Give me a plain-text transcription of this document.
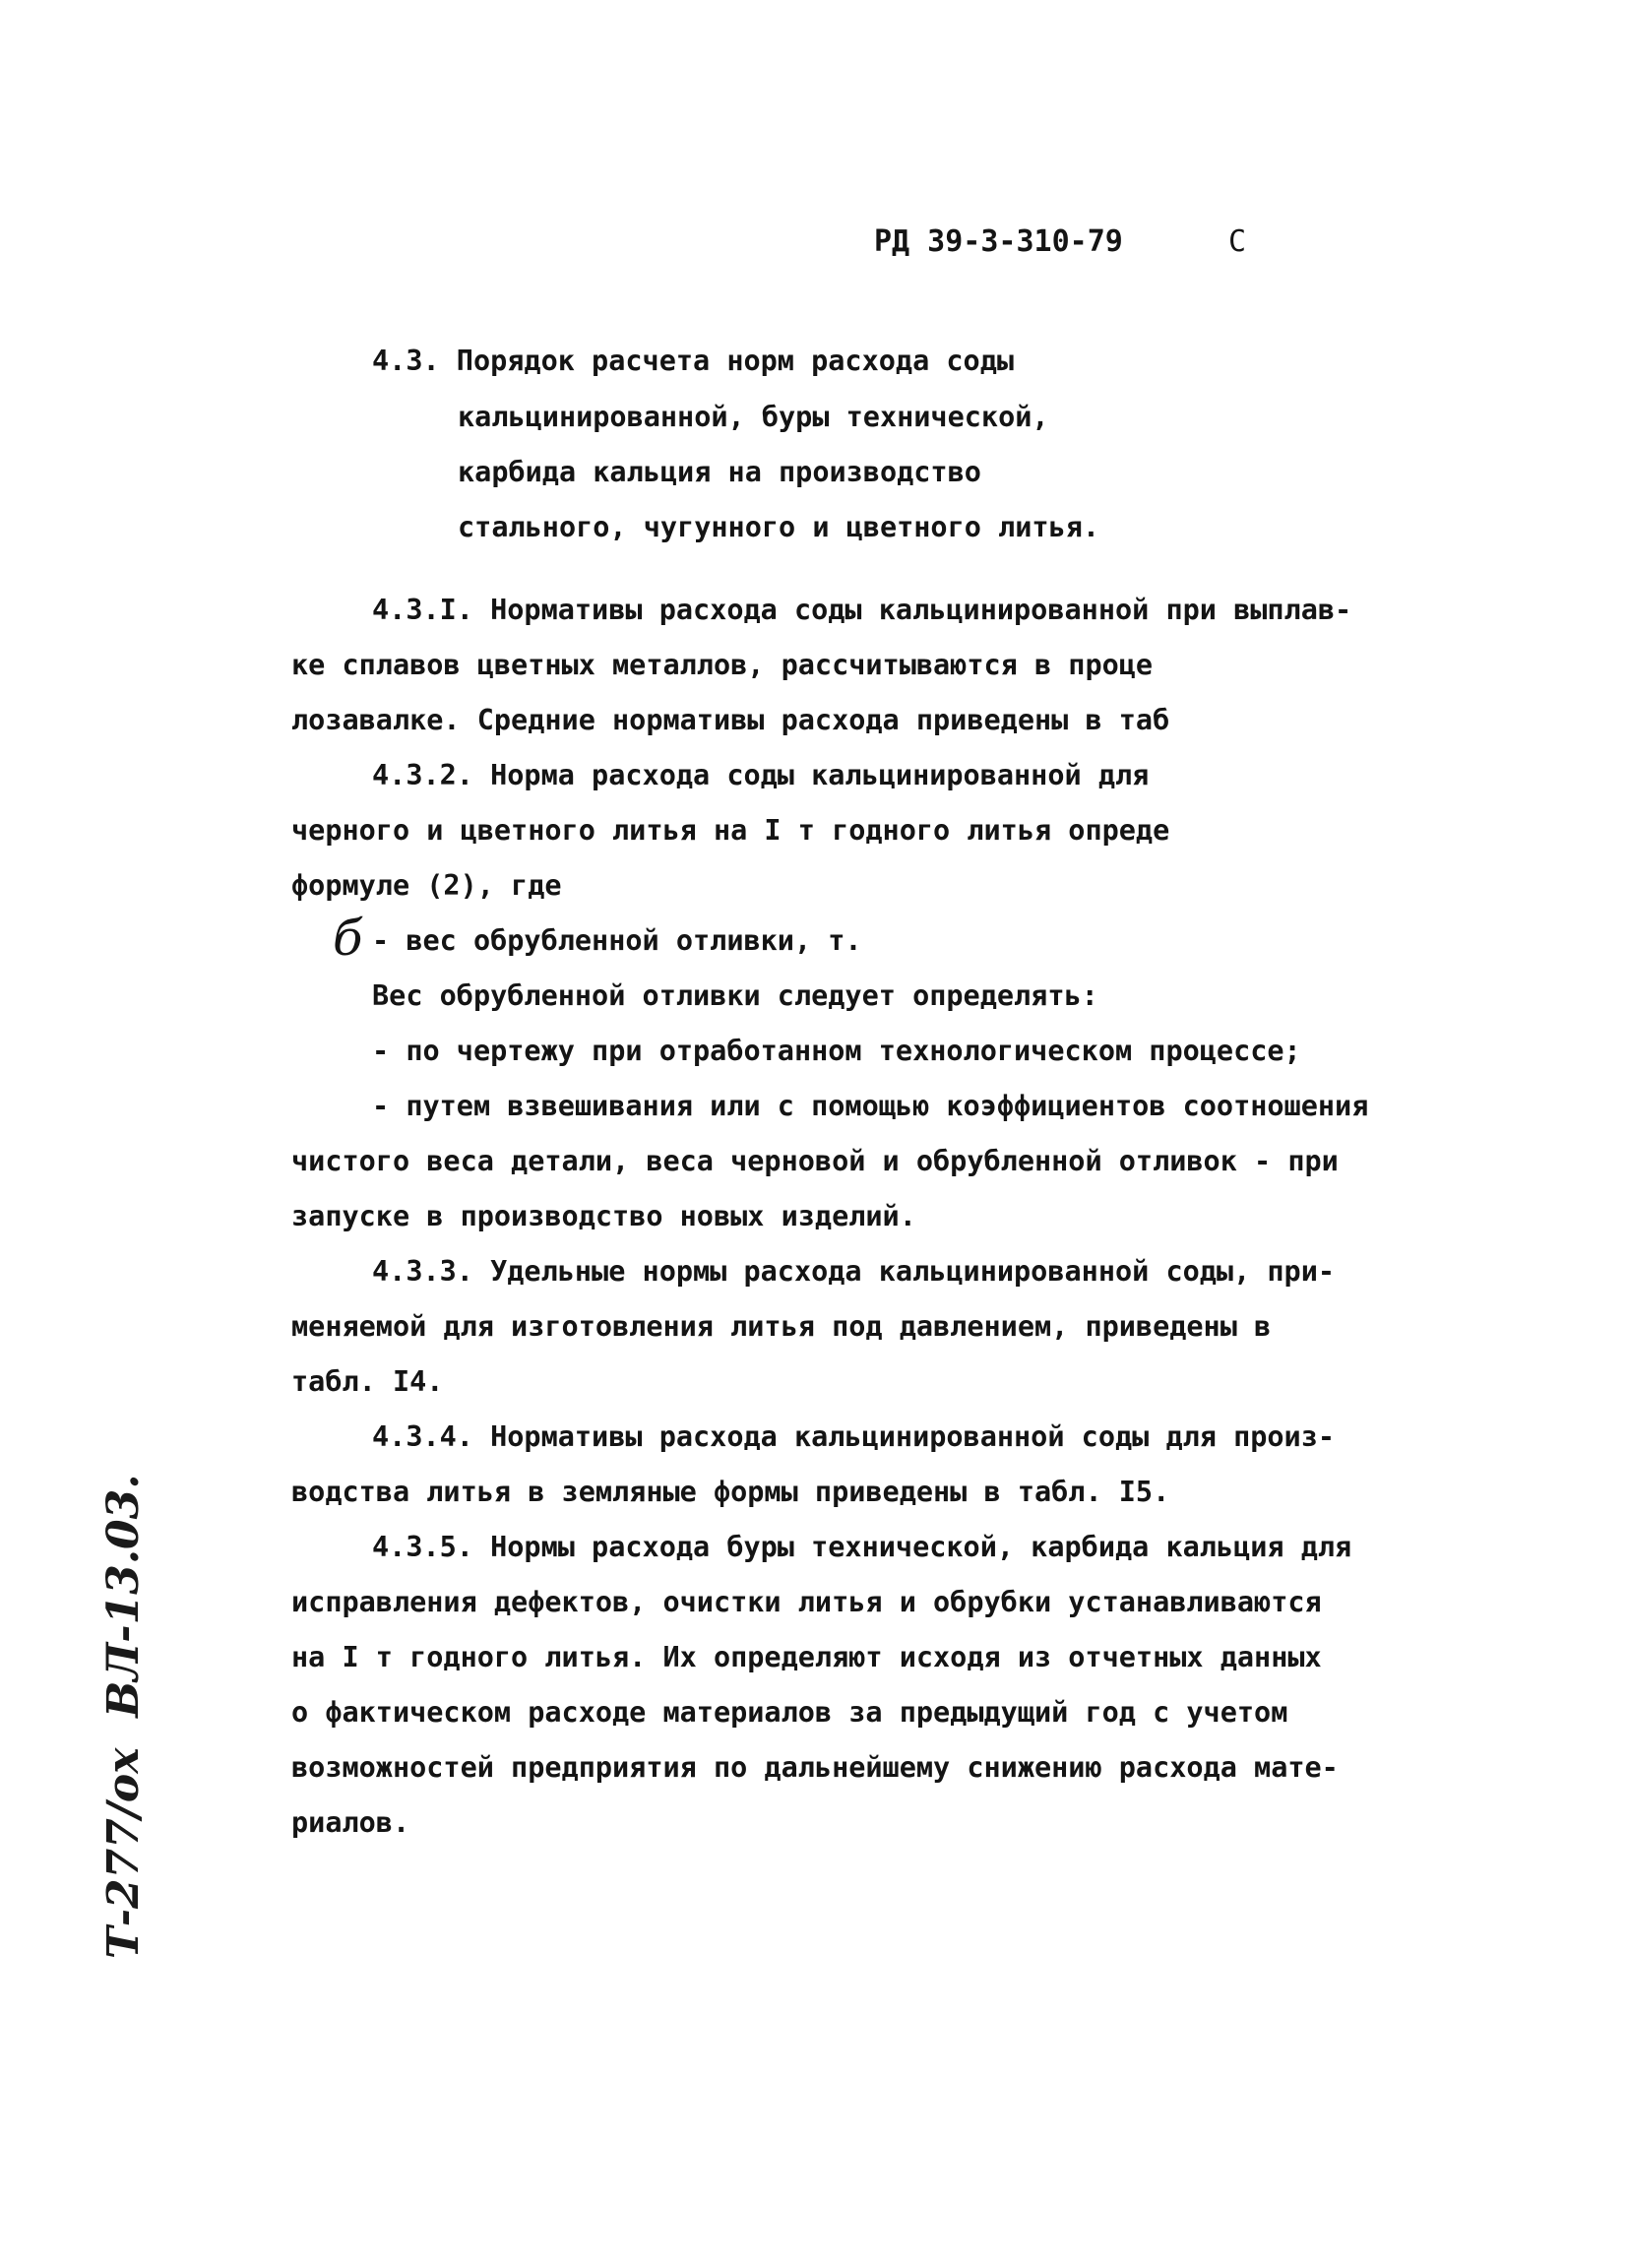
РД 39-3-310-79	С
4.3. Порядок расчета норм расхода соды
кальцинированной, буры технической,
карбида кальция на производство
стального, чугунного и цветного литья.
4.3.I. Нормативы расхода соды кальцинированной при выплав-
ке сплавов цветных металлов, рассчитываются в проце
лозавалке. Средние нормативы расхода приведены в таб
4.3.2. Норма расхода соды кальцинированной для
черного и цветного литья на I т годного литья опреде
формуле (2), где
б - вес обрубленной отливки, т.
Вес обрубленной отливки следует определять:
- по чертежу при отработанном технологическом процессе;
- путем взвешивания или с помощью коэффициентов соотношения
чистого веса детали, веса черновой и обрубленной отливок - при
запуске в производство новых изделий.
4.3.3. Удельные нормы расхода кальцинированной соды, при-
меняемой для изготовления литья под давлением, приведены в
табл. I4.
4.3.4. Нормативы расхода кальцинированной соды для произ-
водства литья в земляные формы приведены в табл. I5.
4.3.5. Нормы расхода буры технической, карбида кальция для
исправления дефектов, очистки литья и обрубки устанавливаются
на I т годного литья. Их определяют исходя из отчетных данных
о фактическом расходе материалов за предыдущий год с учетом
возможностей предприятия по дальнейшему снижению расхода мате-
риалов.
Т-277/ох  ВЛ-13.03.
